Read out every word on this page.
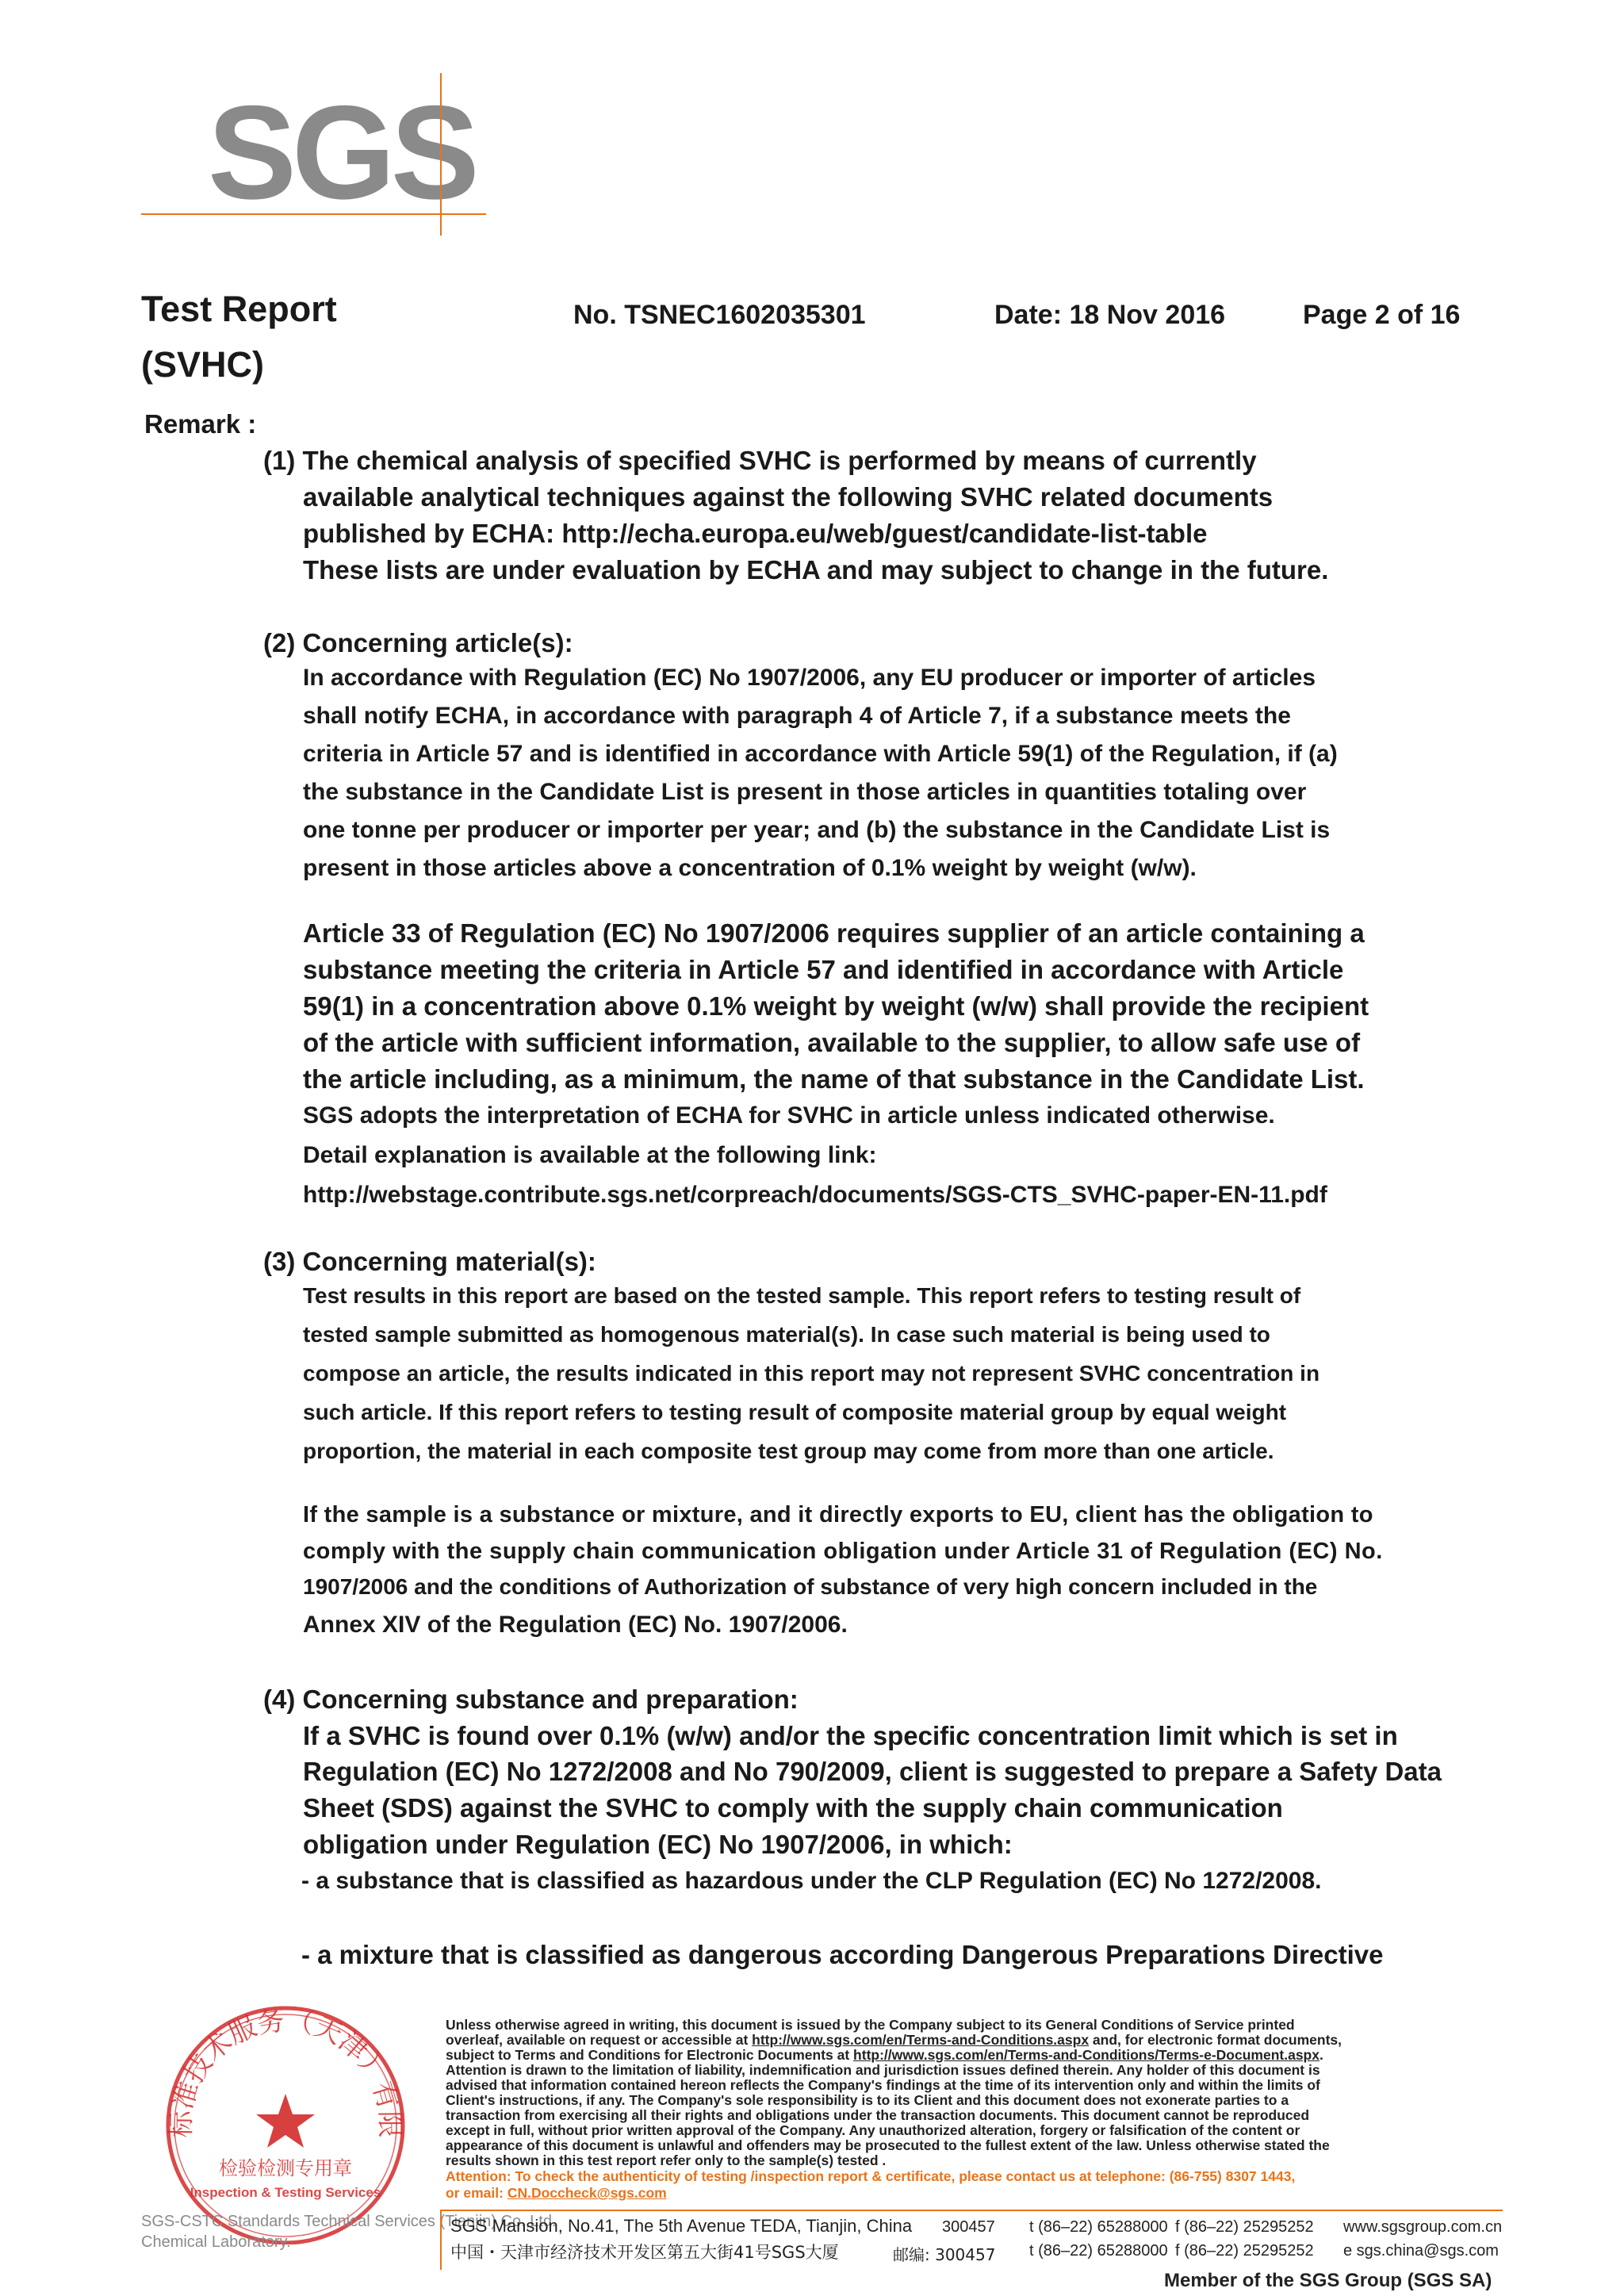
SGS
Test Report
(SVHC)
No. TSNEC1602035301	Date: 18 Nov 2016	Page 2 of 16
Remark :
(1) The chemical analysis of specified SVHC is performed by means of currently
available analytical techniques against the following SVHC related documents
published by ECHA: http://echa.europa.eu/web/guest/candidate-list-table
These lists are under evaluation by ECHA and may subject to change in the future.
(2) Concerning article(s):
In accordance with Regulation (EC) No 1907/2006, any EU producer or importer of articles
shall notify ECHA, in accordance with paragraph 4 of Article 7, if a substance meets the
criteria in Article 57 and is identified in accordance with Article 59(1) of the Regulation, if (a)
the substance in the Candidate List is present in those articles in quantities totaling over
one tonne per producer or importer per year; and (b) the substance in the Candidate List is
present in those articles above a concentration of 0.1% weight by weight (w/w).
Article 33 of Regulation (EC) No 1907/2006 requires supplier of an article containing a
substance meeting the criteria in Article 57 and identified in accordance with Article
59(1) in a concentration above 0.1% weight by weight (w/w) shall provide the recipient
of the article with sufficient information, available to the supplier, to allow safe use of
the article including, as a minimum, the name of that substance in the Candidate List.
SGS adopts the interpretation of ECHA for SVHC in article unless indicated otherwise.
Detail explanation is available at the following link:
http://webstage.contribute.sgs.net/corpreach/documents/SGS-CTS_SVHC-paper-EN-11.pdf
(3) Concerning material(s):
Test results in this report are based on the tested sample. This report refers to testing result of
tested sample submitted as homogenous material(s). In case such material is being used to
compose an article, the results indicated in this report may not represent SVHC concentration in
such article. If this report refers to testing result of composite material group by equal weight
proportion, the material in each composite test group may come from more than one article.
If the sample is a substance or mixture, and it directly exports to EU, client has the obligation to
comply with the supply chain communication obligation under Article 31 of Regulation (EC) No.
1907/2006 and the conditions of Authorization of substance of very high concern included in the
Annex XIV of the Regulation (EC) No. 1907/2006.
(4) Concerning substance and preparation:
If a SVHC is found over 0.1% (w/w) and/or the specific concentration limit which is set in
Regulation (EC) No 1272/2008 and No 790/2009, client is suggested to prepare a Safety Data
Sheet (SDS) against the SVHC to comply with the supply chain communication
obligation under Regulation (EC) No 1907/2006, in which:
- a substance that is classified as hazardous under the CLP Regulation (EC) No 1272/2008.
- a mixture that is classified as dangerous according Dangerous Preparations Directive
标准技术服务（天津）有限
检验检测专用章
Inspection & Testing Services
SGS-CSTC Standards Technical Services (Tianjin) Co.,Ltd.
Chemical Laboratory.
Unless otherwise agreed in writing, this document is issued by the Company subject to its General Conditions of Service printed
overleaf, available on request or accessible at http://www.sgs.com/en/Terms-and-Conditions.aspx and, for electronic format documents,
subject to Terms and Conditions for Electronic Documents at http://www.sgs.com/en/Terms-and-Conditions/Terms-e-Document.aspx.
Attention is drawn to the limitation of liability, indemnification and jurisdiction issues defined therein. Any holder of this document is
advised that information contained hereon reflects the Company's findings at the time of its intervention only and within the limits of
Client's instructions, if any. The Company's sole responsibility is to its Client and this document does not exonerate parties to a
transaction from exercising all their rights and obligations under the transaction documents. This document cannot be reproduced
except in full, without prior written approval of the Company. Any unauthorized alteration, forgery or falsification of the content or
appearance of this document is unlawful and offenders may be prosecuted to the fullest extent of the law. Unless otherwise stated the
results shown in this test report refer only to the sample(s) tested .
Attention: To check the authenticity of testing /inspection report & certificate, please contact us at telephone: (86-755) 8307 1443,
or email: CN.Doccheck@sgs.com
SGS Mansion, No.41, The 5th Avenue TEDA, Tianjin, China 300457 t (86–22) 65288000 f (86–22) 25295252 www.sgsgroup.com.cn
中国・天津市经济技术开发区第五大街41号SGS大厦	邮编: 300457 t (86–22) 65288000 f (86–22) 25295252 e sgs.china@sgs.com
Member of the SGS Group (SGS SA)
